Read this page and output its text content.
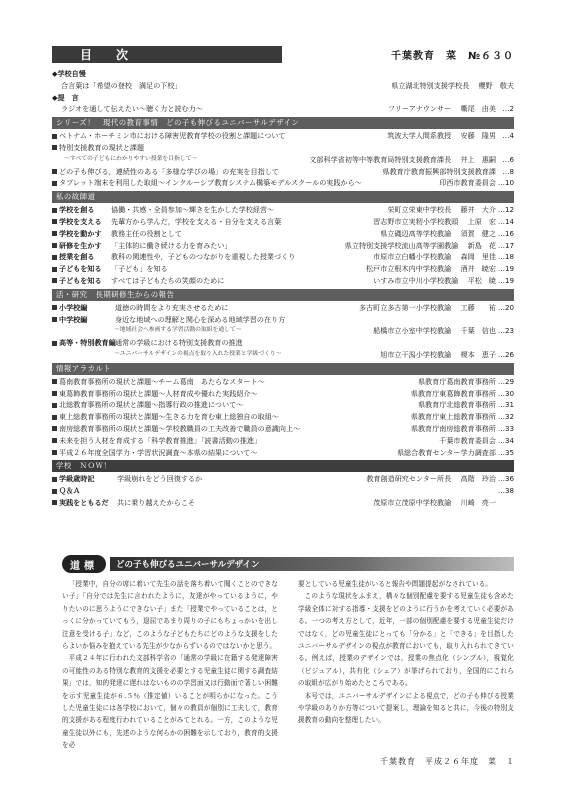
目　次	千葉教育　菜　№６３０
◆学校自慢
合言葉は「希望の登校　満足の下校」	県立湖北特別支援学校長　 櫻野　敬夫
◆提　言
ラジオを通して伝えたい～聴く力と読む力～	フリーアナウンサー　 嘶尾　由美 …2
シリーズ！　現代の教育事情　どの子も伸びるユニバーサルデザイン
ベトナム・ホーチミン市における障害児教育学校の役割と課題について	筑波大学人間系教授　 安藤　隆男 …4
特別支援教育の現状と課題
～すべての子どもにわかりやすい授業を目指して～	文部科学省初等中等教育局特別支援教育課長　 井上　惠嗣 …6
どの子も伸びる，連続性のある「多様な学びの場」の充実を目指して	県教育庁教育振興部特別支援教育課 …8
タブレット端末を利用した取組～インクルーシブ教育システム構築モデルスクールの実践から～	印西市教育委員会 …10
私の故師道
学校を創る	協働・共感・全員参加～輝きを生かした学校経営～	栄町立栄東中学校長　 藤井　大介 …12
学校を支える	先輩方から学んだ，学校を支える・自分を支える言葉	習志野市立実籾小学校教頭　 上原　宏 …14
学校を動かす	教務主任の役割として	県立磯辺高等学校教諭　 須賀　健之 …16
研修を生かす	「主体的に働き続ける力を育みたい」	県立特別支援学校流山高等学園教諭　 新島　花 …17
授業を創る	教科の関連性や，子どものつながりを重視した授業づくり	市原市立白幡小学校教諭　 森岡　里佳 …18
子どもを知る	「子ども」を知る	松戸市立根木内中学校教諭　 酒井　暁宏 …19
子どもを知る	すべては子どもたちの笑顔のために	いすみ市立中川小学校教諭　 平松　暁 …19
活・研究　長期研修生からの報告
小学校編	道徳の時間をより充実させるために	多古町立多古第一小学校教諭　 工藤　　祐 …20
中学校編	身近な地域への理解と関心を深める地域学習の在り方
～地域社会へ参画する学習活動の取組を通して～	船橋市立小室中学校教諭　 千葉　信也 …23
高等・特別教育編 通常の学級における特別支援教育の推進
～ユニバーサルデザインの視点を取り入れた授業と学級づくり～	旭市立干潟小学校教諭　 榎本　恵子 …26
情報アラカルト
葛南教育事務所の現状と課題～チーム葛南　あたらなスタート～	県教育庁葛南教育事務所 …29
東葛飾教育事務所の現状と課題～人材育成や優れた実践紹介～	県教育庁東葛飾教育事務所 …30
北総教育事務所の現状と課題～指導行政の推進について～	県教育庁北総教育事務所 …31
東上総教育事務所の現状と課題～生きる力を育む東上総独自の取組～	県教育庁東上総教育事務所 …32
南房総教育事務所の現状と課題～学校教職員の工夫改善で職員の意識向上～	県教育庁南房総教育事務所 …33
未来を担う人材を育成する「科学教育推進」「読書活動の推進」	千葉市教育委員会 …34
平成２６年度全国学力・学習状況調査～本県の結果について～	県総合教育センター学力調査部 …35
学校　ＮＯＷ！
学級歳時記	学級崩れをどう回復するか	教育創造研究センター所長　 高階　玲治 …36
Ｑ＆Ａ	…38
実践をともるだ	共に乗り越えたからこそ	茂原市立茂原中学校教諭　 川崎　亮一
道標	どの子も伸びるユニバーサルデザイン

「授業中，自分の席に着いて先生の話を落ち着いて聞くことのできない子」「自分では先生に言われたように，友達がやっているように，やりたいのに思うようにできない子」また「授業でやっていることは，とっくに分かっていてもう，退屈であまり周りの子にもちょっかいを出し注意を受ける子」など，このような子どもたちにどのような支援をしたらよいか悩みを抱えている先生が少なからずいるのではないかと思う。

平成２４年に行われた文部科学省の「通常の学級に在籍する発達障害の可能性のある特別な教育的支援を必要とする児童生徒に関する調査結果」では，知的発達に遅れはないものの学習面又は行動面で著しい困難を示す児童生徒が６.５％（推定値）いることが明らかになった。こうした児童生徒には各学校において，個々の教員が個別に工夫して，教育的支援がある程度行われていることがみてとれる。一方，このような児童生徒以外にも，先述のような何らかの困難を示しており，教育的支援を必

要としている児童生徒がいると報告や問題提起がなされている。

このような現状をふまえ，構々な個別配慮を要する児童生徒も含めた学級全体に対する指導・支援をどのように行うかを考えていく必要がある。一つの考え方として，近年，一部の個別配慮を要する児童生徒だけではなく，どの児童生徒にとっても「分かる」と「できる」を目指したユニバーサルデザインの視点が教育においても，取り入れられてきている。例えば，授業のデザインでは，授業の焦点化（シンプル），視覚化（ビジュアル），共有化（シェア）が挙げられており，全国的にこれらの取組が広がり始めたところである。

本号では，ユニバーサルデザインによる視点で，どの子も伸びる授業や学級のありか方等について提案し，理論を知ると共に，今後の特別支援教育の動向を整理したい。

千葉教育　平成２６年度　菜　１
